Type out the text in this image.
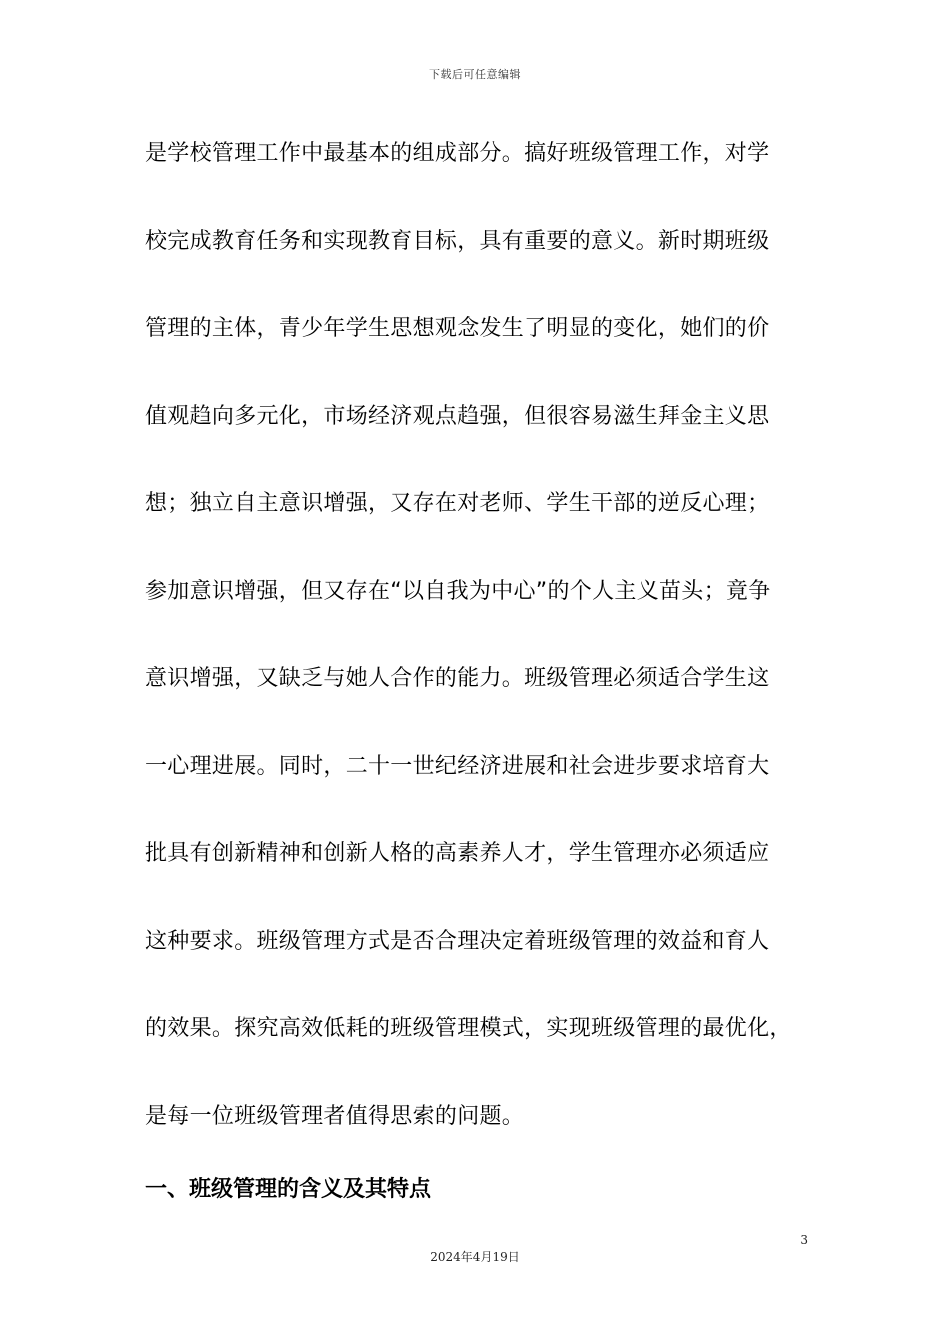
下载后可任意编辑
是学校管理工作中最基本的组成部分。搞好班级管理工作，对学
校完成教育任务和实现教育目标，具有重要的意义。新时期班级
管理的主体，青少年学生思想观念发生了明显的变化，她们的价
值观趋向多元化，市场经济观点趋强，但很容易滋生拜金主义思
想；独立自主意识增强，又存在对老师、学生干部的逆反心理；
参加意识增强，但又存在“以自我为中心”的个人主义苗头；竟争
意识增强，又缺乏与她人合作的能力。班级管理必须适合学生这
一心理进展。同时，二十一世纪经济进展和社会进步要求培育大
批具有创新精神和创新人格的高素养人才，学生管理亦必须适应
这种要求。班级管理方式是否合理决定着班级管理的效益和育人
的效果。探究高效低耗的班级管理模式，实现班级管理的最优化，
是每一位班级管理者值得思索的问题。
一、班级管理的含义及其特点
3
2024年4月19日
